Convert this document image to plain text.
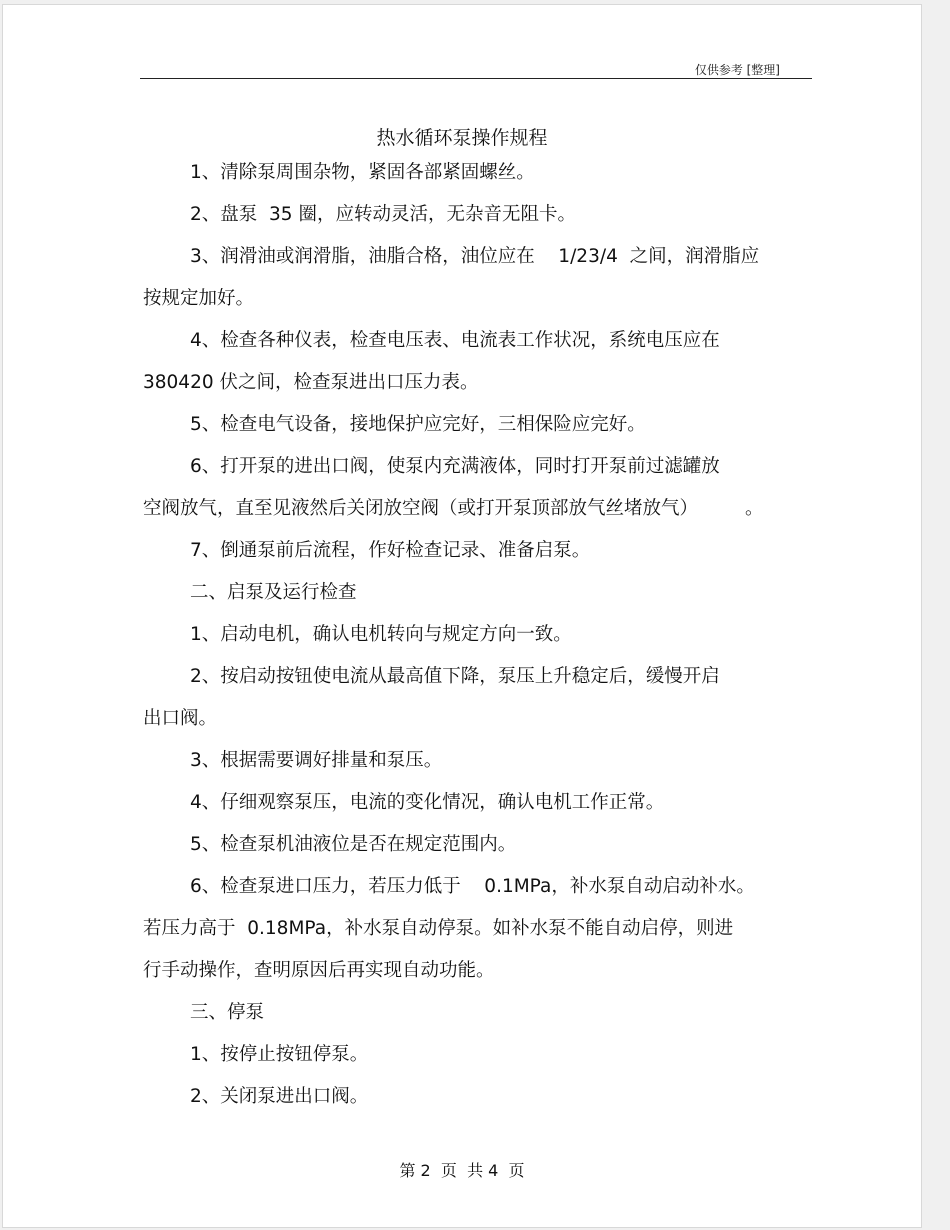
仅供参考 [整理]
热水循环泵操作规程

1、清除泵周围杂物，紧固各部紧固螺丝。

2、盘泵  35 圈，应转动灵活，无杂音无阻卡。

3、润滑油或润滑脂，油脂合格，油位应在    1/23/4  之间，润滑脂应

按规定加好。

4、检查各种仪表，检查电压表、电流表工作状况，系统电压应在

380420 伏之间，检查泵进出口压力表。

5、检查电气设备，接地保护应完好，三相保险应完好。

6、打开泵的进出口阀，使泵内充满液体，同时打开泵前过滤罐放

空阀放气，直至见液然后关闭放空阀（或打开泵顶部放气丝堵放气）        。

7、倒通泵前后流程，作好检查记录、准备启泵。

二、启泵及运行检查

1、启动电机，确认电机转向与规定方向一致。

2、按启动按钮使电流从最高值下降，泵压上升稳定后，缓慢开启

出口阀。

3、根据需要调好排量和泵压。

4、仔细观察泵压，电流的变化情况，确认电机工作正常。

5、检查泵机油液位是否在规定范围内。

6、检查泵进口压力，若压力低于    0.1MPa，补水泵自动启动补水。

若压力高于  0.18MPa，补水泵自动停泵。如补水泵不能自动启停，则进

行手动操作，查明原因后再实现自动功能。

三、停泵

1、按停止按钮停泵。

2、关闭泵进出口阀。

第 2  页  共 4  页
